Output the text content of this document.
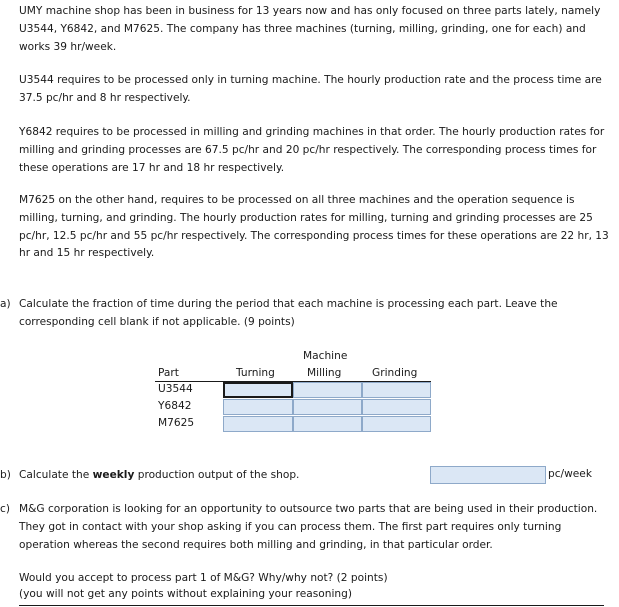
UMY machine shop has been in business for 13 years now and has only focused on three parts lately, namely U3544, Y6842, and M7625. The company has three machines (turning, milling, grinding, one for each) and works 39 hr/week.

U3544 requires to be processed only in turning machine. The hourly production rate and the process time are 37.5 pc/hr and 8 hr respectively.

Y6842 requires to be processed in milling and grinding machines in that order. The hourly production rates for milling and grinding processes are 67.5 pc/hr and 20 pc/hr respectively. The corresponding process times for these operations are 17 hr and 18 hr respectively.

M7625 on the other hand, requires to be processed on all three machines and the operation sequence is milling, turning, and grinding. The hourly production rates for milling, turning and grinding processes are 25 pc/hr, 12.5 pc/hr and 55 pc/hr respectively. The corresponding process times for these operations are 22 hr, 13 hr and 15 hr respectively.

a) Calculate the fraction of time during the period that each machine is processing each part. Leave the corresponding cell blank if not applicable. (9 points)
Machine
Part	Turning	Milling	Grinding
U3544
Y6842
M7625
b) Calculate the weekly production output of the shop.	pc/week
c) M&G corporation is looking for an opportunity to outsource two parts that are being used in their production. They got in contact with your shop asking if you can process them. The first part requires only turning operation whereas the second requires both milling and grinding, in that particular order.
Would you accept to process part 1 of M&G? Why/why not? (2 points)
(you will not get any points without explaining your reasoning)
